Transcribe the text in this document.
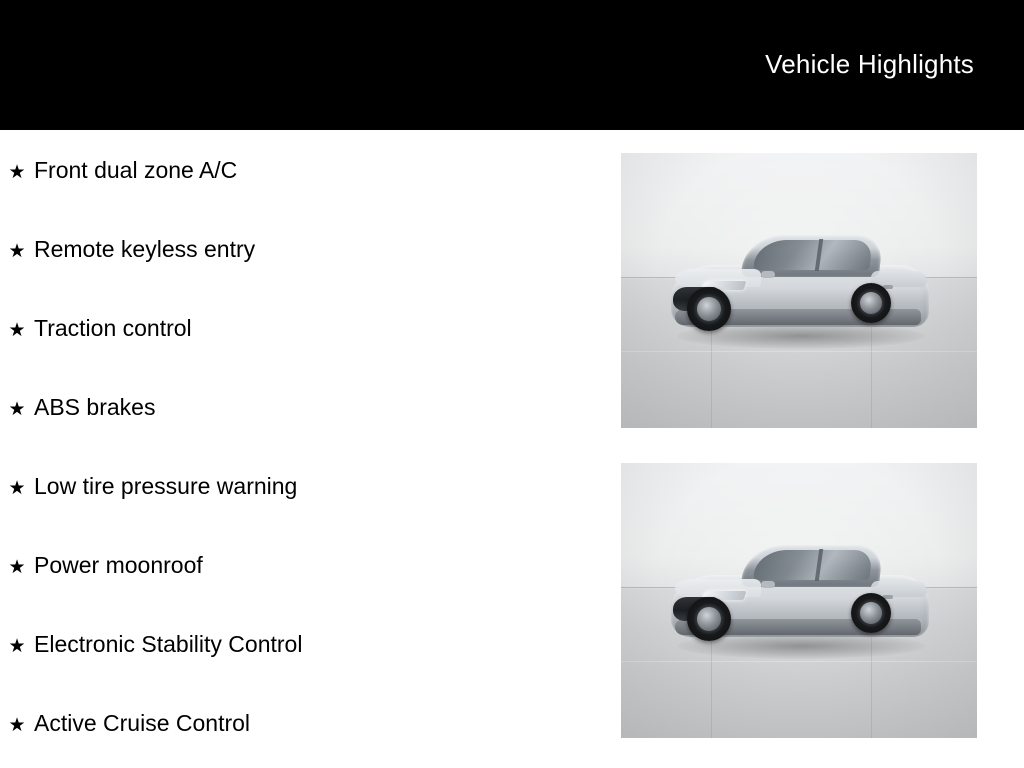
Vehicle Highlights
★ Front dual zone A/C
★ Remote keyless entry
★ Traction control
★ ABS brakes
★ Low tire pressure warning
★ Power moonroof
★ Electronic Stability Control
★ Active Cruise Control
